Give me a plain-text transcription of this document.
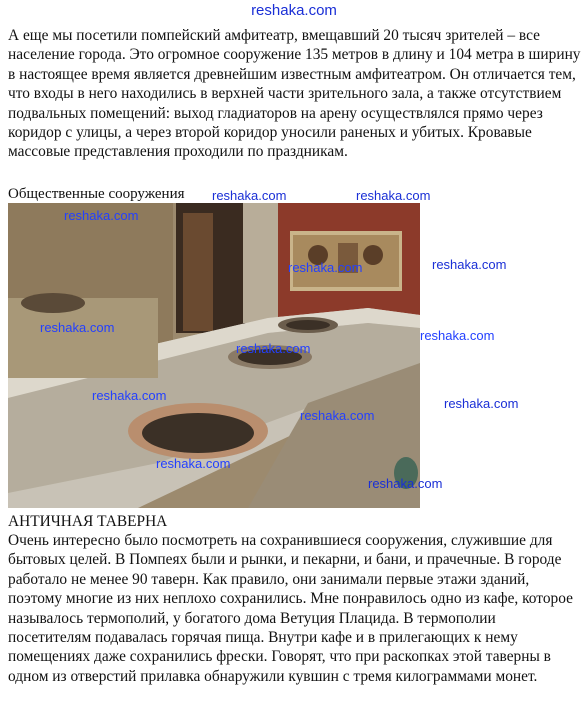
reshaka.com

А еще мы посетили помпейский амфитеатр, вмещавший 20 тысяч зрителей – все население города. Это огромное сооружение 135 метров в длину и 104 метра в ширину в настоящее время является древнейшим известным амфитеатром. Он отличается тем, что входы в него находились в верхней части зрительного зала, а также отсутствием подвальных помещений: выход гладиаторов на арену осуществлялся прямо через коридор с улицы, а через второй коридор уносили раненых и убитых. Кровавые массовые представления проходили по праздникам.

Общественные сооружения reshaka.com	reshaka.com
reshaka.com
reshaka.com	reshaka.com
reshaka.com
reshaka.com
reshaka.com
reshaka.com
reshaka.com
reshaka.com
reshaka.com
reshaka.com
АНТИЧНАЯ ТАВЕРНА

Очень интересно было посмотреть на сохранившиеся сооружения, служившие для бытовых целей. В Помпеях были и рынки, и пекарни, и бани, и прачечные. В городе работало не менее 90 таверн. Как правило, они занимали первые этажи зданий, поэтому многие из них неплохо сохранились. Мне понравилось одно из кафе, которое называлось термополий, у богатого дома Ветуция Плацида. В термополии посетителям подавалась горячая пища. Внутри кафе и в прилегающих к нему помещениях даже сохранились фрески. Говорят, что при раскопках этой таверны в одном из отверстий прилавка обнаружили кувшин с тремя килограммами монет.
